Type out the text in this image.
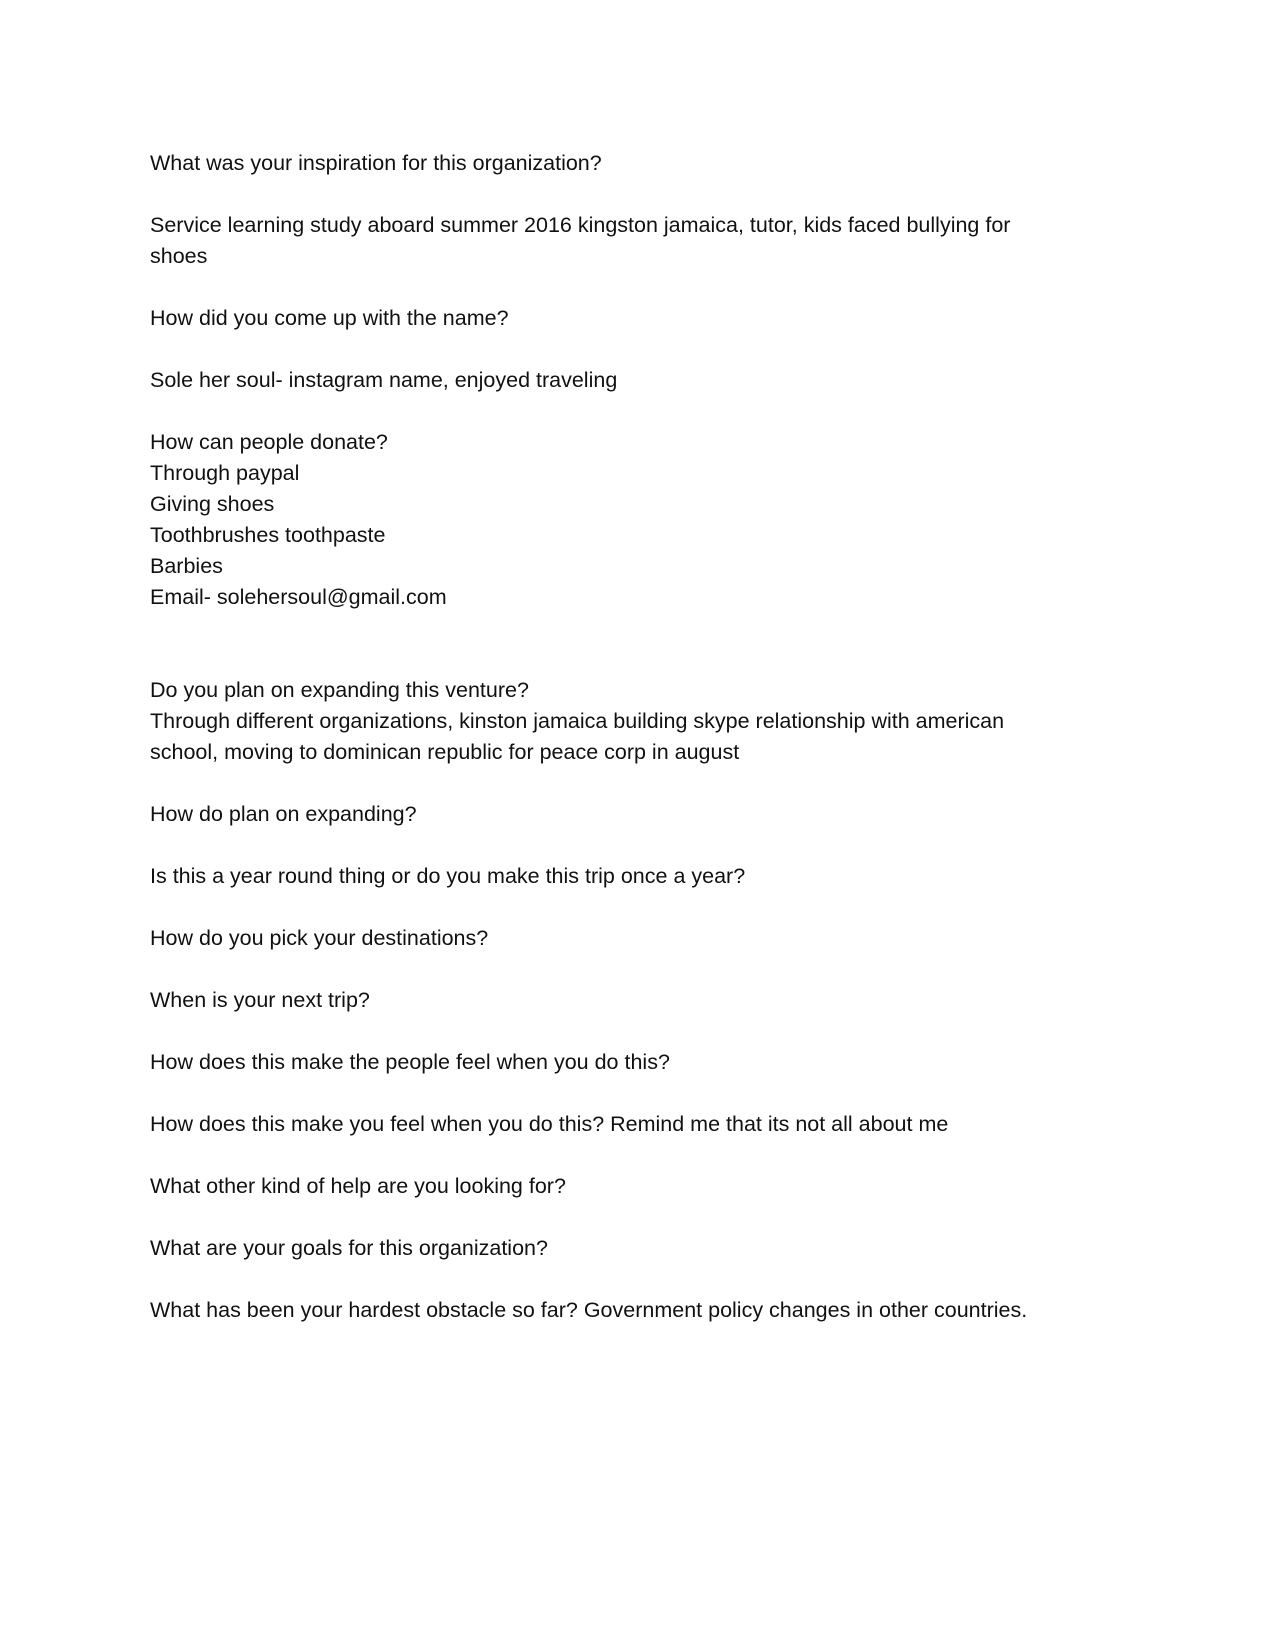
What was your inspiration for this organization?
Service learning study aboard summer 2016 kingston jamaica, tutor, kids faced bullying for
shoes
How did you come up with the name?
Sole her soul- instagram name, enjoyed traveling
How can people donate?
Through paypal
Giving shoes
Toothbrushes toothpaste
Barbies
Email- solehersoul@gmail.com
Do you plan on expanding this venture?
Through different organizations, kinston jamaica building skype relationship with american
school, moving to dominican republic for peace corp in august
How do plan on expanding?
Is this a year round thing or do you make this trip once a year?
How do you pick your destinations?
When is your next trip?
How does this make the people feel when you do this?
How does this make you feel when you do this? Remind me that its not all about me
What other kind of help are you looking for?
What are your goals for this organization?
What has been your hardest obstacle so far? Government policy changes in other countries.
